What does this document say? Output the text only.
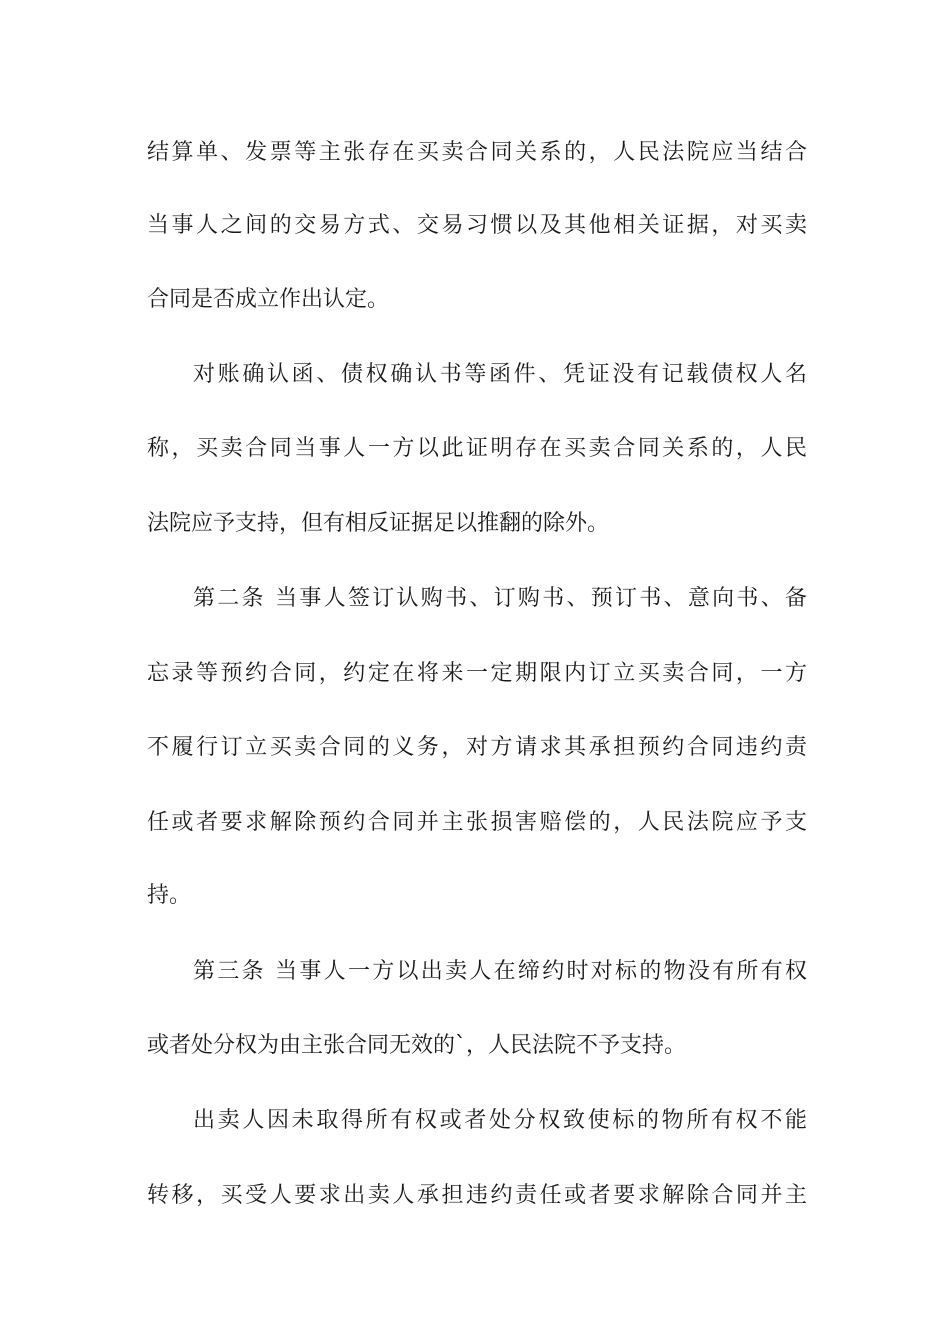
结算单、发票等主张存在买卖合同关系的，人民法院应当结合
当事人之间的交易方式、交易习惯以及其他相关证据，对买卖
合同是否成立作出认定。
对账确认函、债权确认书等函件、凭证没有记载债权人名
称，买卖合同当事人一方以此证明存在买卖合同关系的，人民
法院应予支持，但有相反证据足以推翻的除外。
第二条 当事人签订认购书、订购书、预订书、意向书、备
忘录等预约合同，约定在将来一定期限内订立买卖合同，一方
不履行订立买卖合同的义务，对方请求其承担预约合同违约责
任或者要求解除预约合同并主张损害赔偿的，人民法院应予支
持。
第三条 当事人一方以出卖人在缔约时对标的物没有所有权
或者处分权为由主张合同无效的`，人民法院不予支持。
出卖人因未取得所有权或者处分权致使标的物所有权不能
转移，买受人要求出卖人承担违约责任或者要求解除合同并主
